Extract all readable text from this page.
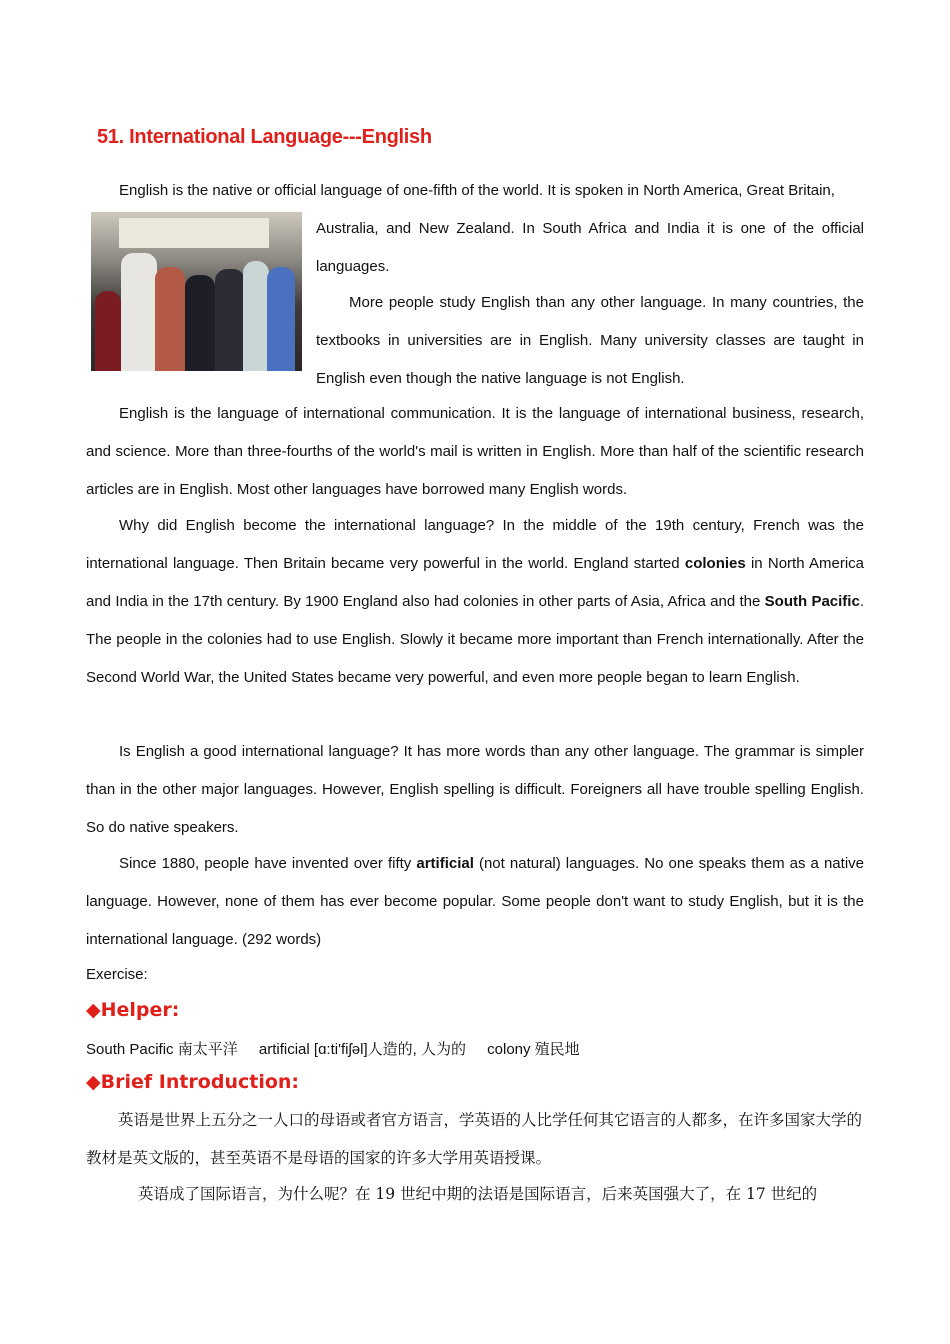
51. International Language---English
English is the native or official language of one-fifth of the world. It is spoken in North America, Great Britain,
Australia, and New Zealand. In South Africa and India it is one of the official languages.
More people study English than any other language. In many countries, the textbooks in universities are in English. Many university classes are taught in English even though the native language is not English.
English is the language of international communication. It is the language of international business, research, and science. More than three-fourths of the world's mail is written in English. More than half of the scientific research articles are in English. Most other languages have borrowed many English words.
Why did English become the international language? In the middle of the 19th century, French was the international language. Then Britain became very powerful in the world. England started colonies in North America and India in the 17th century. By 1900 England also had colonies in other parts of Asia, Africa and the South Pacific. The people in the colonies had to use English. Slowly it became more important than French internationally. After the Second World War, the United States became very powerful, and even more people began to learn English.
Is English a good international language? It has more words than any other language. The grammar is simpler than in the other major languages. However, English spelling is difficult. Foreigners all have trouble spelling English. So do native speakers.
Since 1880, people have invented over fifty artificial (not natural) languages. No one speaks them as a native language. However, none of them has ever become popular. Some people don't want to study English, but it is the international language. (292 words)
Exercise:
◆Helper:
South Pacific 南太平洋 artificial [ɑ:ti'fiʃəl]人造的, 人为的 colony 殖民地
◆Brief Introduction:
英语是世界上五分之一人口的母语或者官方语言，学英语的人比学任何其它语言的人都多，在许多国家大学的教材是英文版的，甚至英语不是母语的国家的许多大学用英语授课。
英语成了国际语言，为什么呢？在 19 世纪中期的法语是国际语言，后来英国强大了，在 17 世纪的
